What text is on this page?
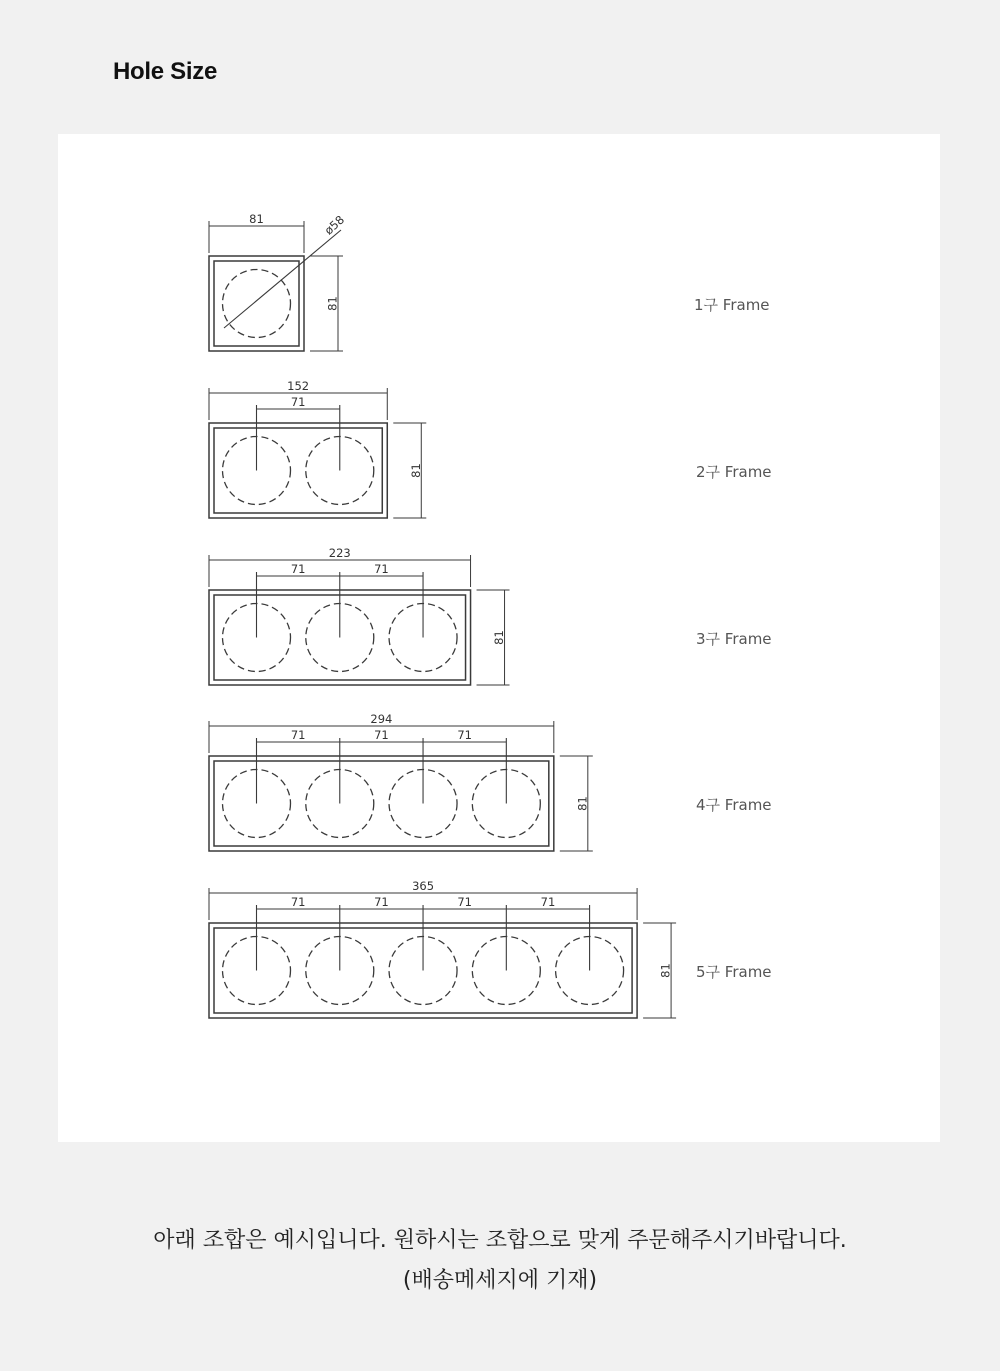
Hole Size
81
81
ø58
152
71
81
223
71	71
81
294
71	71	71
81
365
71	71	71	71
81
1구 Frame
2구 Frame
3구 Frame
4구 Frame
5구 Frame

아래 조합은 예시입니다. 원하시는 조합으로 맞게 주문해주시기바랍니다.

(배송메세지에 기재)
